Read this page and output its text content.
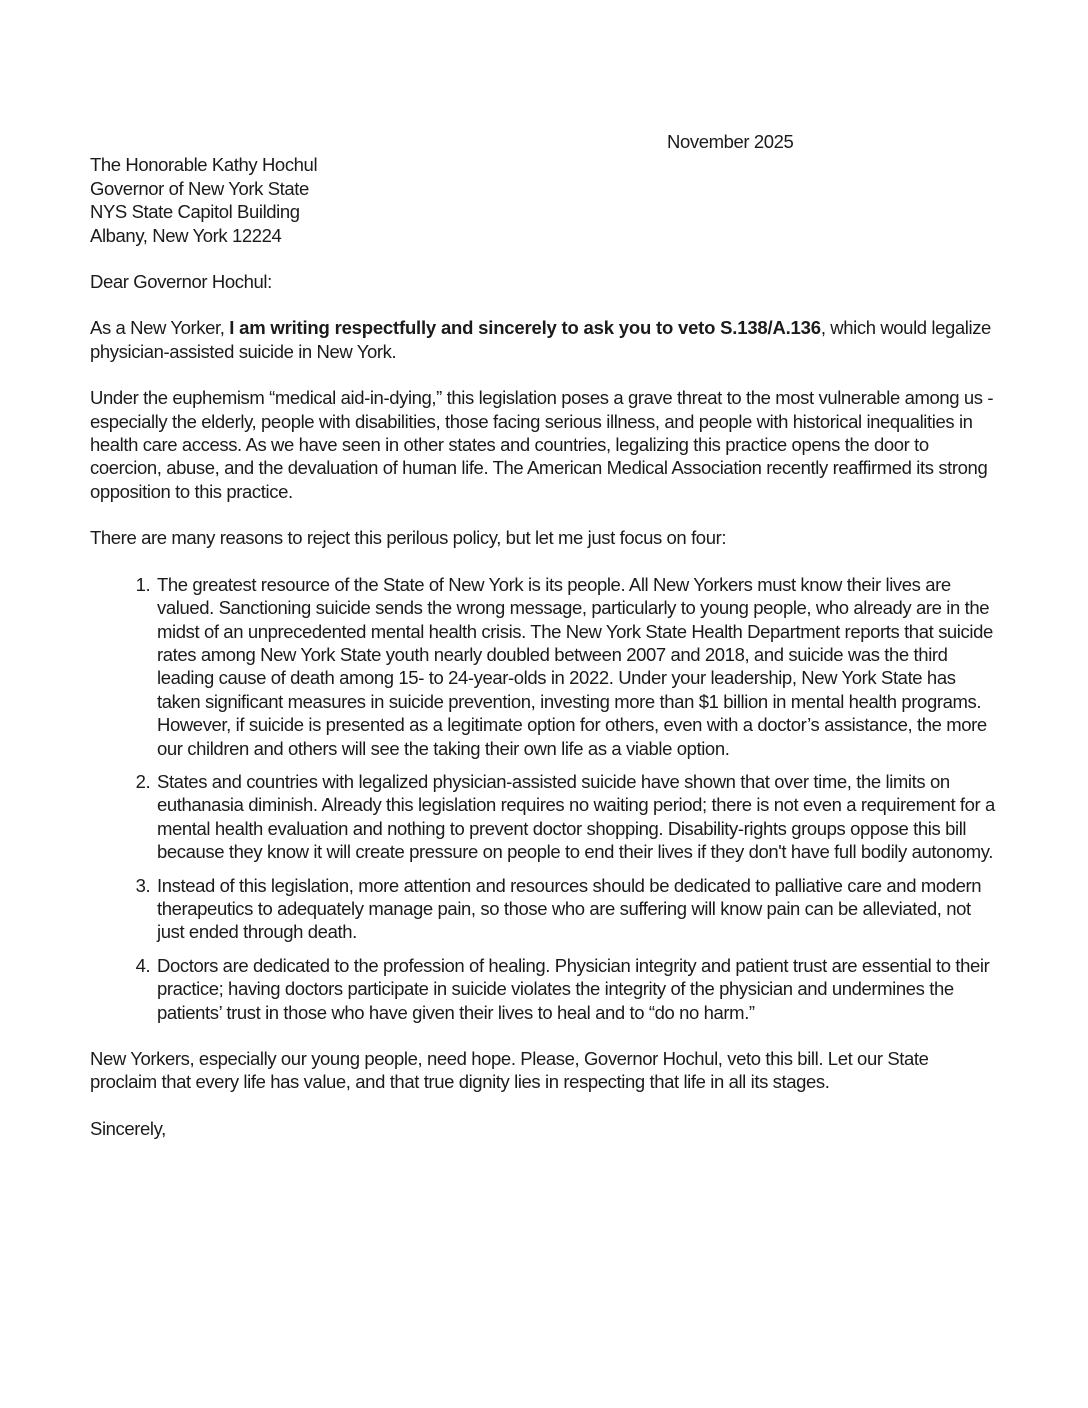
November 2025
The Honorable Kathy Hochul
Governor of New York State
NYS State Capitol Building
Albany, New York 12224
Dear Governor Hochul:

As a New Yorker, I am writing respectfully and sincerely to ask you to veto S.138/A.136, which would legalize physician-assisted suicide in New York.

Under the euphemism “medical aid-in-dying,” this legislation poses a grave threat to the most vulnerable among us - especially the elderly, people with disabilities, those facing serious illness, and people with historical inequalities in health care access. As we have seen in other states and countries, legalizing this practice opens the door to coercion, abuse, and the devaluation of human life. The American Medical Association recently reaffirmed its strong opposition to this practice.

There are many reasons to reject this perilous policy, but let me just focus on four:

1. The greatest resource of the State of New York is its people. All New Yorkers must know their lives are valued. Sanctioning suicide sends the wrong message, particularly to young people, who already are in the midst of an unprecedented mental health crisis. The New York State Health Department reports that suicide rates among New York State youth nearly doubled between 2007 and 2018, and suicide was the third leading cause of death among 15- to 24-year-olds in 2022. Under your leadership, New York State has taken significant measures in suicide prevention, investing more than $1 billion in mental health programs. However, if suicide is presented as a legitimate option for others, even with a doctor’s assistance, the more our children and others will see the taking their own life as a viable option.
2. States and countries with legalized physician-assisted suicide have shown that over time, the limits on euthanasia diminish. Already this legislation requires no waiting period; there is not even a requirement for a mental health evaluation and nothing to prevent doctor shopping. Disability-rights groups oppose this bill because they know it will create pressure on people to end their lives if they don't have full bodily autonomy.
3. Instead of this legislation, more attention and resources should be dedicated to palliative care and modern therapeutics to adequately manage pain, so those who are suffering will know pain can be alleviated, not just ended through death.
4. Doctors are dedicated to the profession of healing. Physician integrity and patient trust are essential to their practice; having doctors participate in suicide violates the integrity of the physician and undermines the patients’ trust in those who have given their lives to heal and to “do no harm.”

New Yorkers, especially our young people, need hope. Please, Governor Hochul, veto this bill. Let our State proclaim that every life has value, and that true dignity lies in respecting that life in all its stages.

Sincerely,
